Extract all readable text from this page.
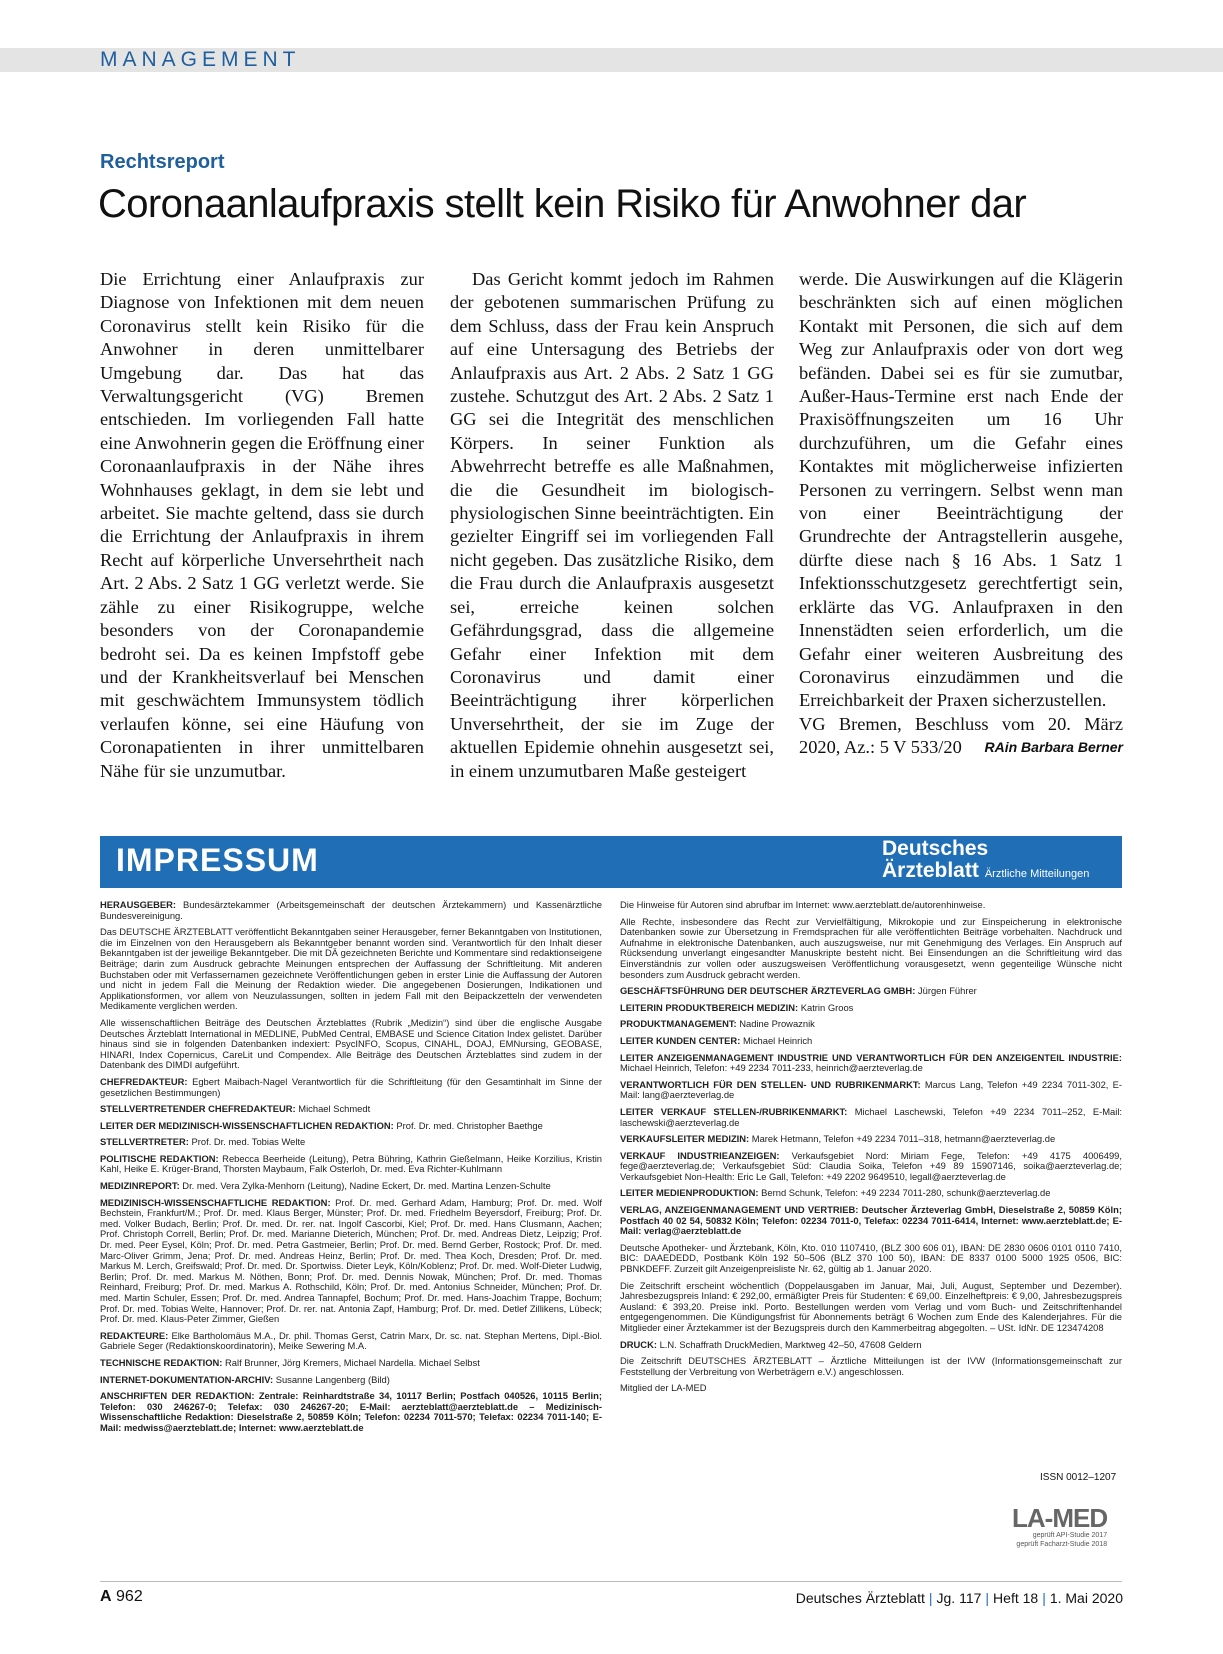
MANAGEMENT
Rechtsreport
Coronaanlaufpraxis stellt kein Risiko für Anwohner dar

Die Errichtung einer Anlaufpraxis zur Diagnose von Infektionen mit dem neuen Coronavirus stellt kein Risiko für die Anwohner in deren unmittelbarer Umgebung dar. Das hat das Verwaltungsgericht (VG) Bremen entschieden. Im vorliegenden Fall hatte eine Anwohnerin gegen die Eröffnung einer Coronaanlaufpraxis in der Nähe ihres Wohnhauses geklagt, in dem sie lebt und arbeitet. Sie machte geltend, dass sie durch die Errichtung der Anlaufpraxis in ihrem Recht auf körperliche Unversehrtheit nach Art. 2 Abs. 2 Satz 1 GG verletzt werde. Sie zähle zu einer Risikogruppe, welche besonders von der Coronapandemie bedroht sei. Da es keinen Impfstoff gebe und der Krankheitsverlauf bei Menschen mit geschwächtem Immunsystem tödlich verlaufen könne, sei eine Häufung von Coronapatienten in ihrer unmittelbaren Nähe für sie unzumutbar.

Das Gericht kommt jedoch im Rahmen der gebotenen summarischen Prüfung zu dem Schluss, dass der Frau kein Anspruch auf eine Untersagung des Betriebs der Anlaufpraxis aus Art. 2 Abs. 2 Satz 1 GG zustehe. Schutzgut des Art. 2 Abs. 2 Satz 1 GG sei die Integrität des menschlichen Körpers. In seiner Funktion als Abwehrrecht betreffe es alle Maßnahmen, die die Gesundheit im biologisch-physiologischen Sinne beeinträchtigten. Ein gezielter Eingriff sei im vorliegenden Fall nicht gegeben. Das zusätzliche Risiko, dem die Frau durch die Anlaufpraxis ausgesetzt sei, erreiche keinen solchen Gefährdungsgrad, dass die allgemeine Gefahr einer Infektion mit dem Coronavirus und damit einer Beeinträchtigung ihrer körperlichen Unversehrtheit, der sie im Zuge der aktuellen Epidemie ohnehin ausgesetzt sei, in einem unzumutbaren Maße gesteigert

werde. Die Auswirkungen auf die Klägerin beschränkten sich auf einen möglichen Kontakt mit Personen, die sich auf dem Weg zur Anlaufpraxis oder von dort weg befänden. Dabei sei es für sie zumutbar, Außer-Haus-Termine erst nach Ende der Praxisöffnungszeiten um 16 Uhr durchzuführen, um die Gefahr eines Kontaktes mit möglicherweise infizierten Personen zu verringern. Selbst wenn man von einer Beeinträchtigung der Grundrechte der Antragstellerin ausgehe, dürfte diese nach § 16 Abs. 1 Satz 1 Infektionsschutzgesetz gerechtfertigt sein, erklärte das VG. Anlaufpraxen in den Innenstädten seien erforderlich, um die Gefahr einer weiteren Ausbreitung des Coronavirus einzudämmen und die Erreichbarkeit der Praxen sicherzustellen.

VG Bremen, Beschluss vom 20. März 2020, Az.: 5 V 533/20 RAin Barbara Berner

IMPRESSUM	Deutsches
Ärzteblatt Ärztliche Mitteilungen

HERAUSGEBER: Bundesärztekammer (Arbeitsgemeinschaft der deutschen Ärztekammern) und Kassenärztliche Bundesvereinigung.

Das DEUTSCHE ÄRZTEBLATT veröffentlicht Bekanntgaben seiner Herausgeber, ferner Bekanntgaben von Institutionen, die im Einzelnen von den Herausgebern als Bekanntgeber benannt worden sind. Verantwortlich für den Inhalt dieser Bekanntgaben ist der jeweilige Bekanntgeber. Die mit DÄ gezeichneten Berichte und Kommentare sind redaktionseigene Beiträge; darin zum Ausdruck gebrachte Meinungen entsprechen der Auffassung der Schriftleitung. Mit anderen Buchstaben oder mit Verfassernamen gezeichnete Veröffentlichungen geben in erster Linie die Auffassung der Autoren und nicht in jedem Fall die Meinung der Redaktion wieder. Die angegebenen Dosierungen, Indikationen und Applikationsformen, vor allem von Neuzulassungen, sollten in jedem Fall mit den Beipackzetteln der verwendeten Medikamente verglichen werden.

Alle wissenschaftlichen Beiträge des Deutschen Ärzteblattes (Rubrik „Medizin“) sind über die englische Ausgabe Deutsches Ärzteblatt International in MEDLINE, PubMed Central, EMBASE und Science Citation Index gelistet. Darüber hinaus sind sie in folgenden Datenbanken indexiert: PsycINFO, Scopus, CINAHL, DOAJ, EMNursing, GEOBASE, HINARI, Index Copernicus, CareLit und Compendex. Alle Beiträge des Deutschen Ärzteblattes sind zudem in der Datenbank des DIMDI aufgeführt.

CHEFREDAKTEUR: Egbert Maibach-Nagel Verantwortlich für die Schriftleitung (für den Gesamtinhalt im Sinne der gesetzlichen Bestimmungen)

STELLVERTRETENDER CHEFREDAKTEUR: Michael Schmedt

LEITER DER MEDIZINISCH-WISSENSCHAFTLICHEN REDAKTION: Prof. Dr. med. Christopher Baethge

STELLVERTRETER: Prof. Dr. med. Tobias Welte

POLITISCHE REDAKTION: Rebecca Beerheide (Leitung), Petra Bühring, Kathrin Gießelmann, Heike Korzilius, Kristin Kahl, Heike E. Krüger-Brand, Thorsten Maybaum, Falk Osterloh, Dr. med. Eva Richter-Kuhlmann

MEDIZINREPORT: Dr. med. Vera Zylka-Menhorn (Leitung), Nadine Eckert, Dr. med. Martina Lenzen-Schulte

MEDIZINISCH-WISSENSCHAFTLICHE REDAKTION: Prof. Dr. med. Gerhard Adam, Hamburg; Prof. Dr. med. Wolf Bechstein, Frankfurt/M.; Prof. Dr. med. Klaus Berger, Münster; Prof. Dr. med. Friedhelm Beyersdorf, Freiburg; Prof. Dr. med. Volker Budach, Berlin; Prof. Dr. med. Dr. rer. nat. Ingolf Cascorbi, Kiel; Prof. Dr. med. Hans Clusmann, Aachen; Prof. Christoph Correll, Berlin; Prof. Dr. med. Marianne Dieterich, München; Prof. Dr. med. Andreas Dietz, Leipzig; Prof. Dr. med. Peer Eysel, Köln; Prof. Dr. med. Petra Gastmeier, Berlin; Prof. Dr. med. Bernd Gerber, Rostock; Prof. Dr. med. Marc-Oliver Grimm, Jena; Prof. Dr. med. Andreas Heinz, Berlin; Prof. Dr. med. Thea Koch, Dresden; Prof. Dr. med. Markus M. Lerch, Greifswald; Prof. Dr. med. Dr. Sportwiss. Dieter Leyk, Köln/Koblenz; Prof. Dr. med. Wolf-Dieter Ludwig, Berlin; Prof. Dr. med. Markus M. Nöthen, Bonn; Prof. Dr. med. Dennis Nowak, München; Prof. Dr. med. Thomas Reinhard, Freiburg; Prof. Dr. med. Markus A. Rothschild, Köln; Prof. Dr. med. Antonius Schneider, München; Prof. Dr. med. Martin Schuler, Essen; Prof. Dr. med. Andrea Tannapfel, Bochum; Prof. Dr. med. Hans-Joachim Trappe, Bochum; Prof. Dr. med. Tobias Welte, Hannover; Prof. Dr. rer. nat. Antonia Zapf, Hamburg; Prof. Dr. med. Detlef Zillikens, Lübeck; Prof. Dr. med. Klaus-Peter Zimmer, Gießen

REDAKTEURE: Elke Bartholomäus M.A., Dr. phil. Thomas Gerst, Catrin Marx, Dr. sc. nat. Stephan Mertens, Dipl.-Biol. Gabriele Seger (Redaktionskoordinatorin), Meike Sewering M.A.

TECHNISCHE REDAKTION: Ralf Brunner, Jörg Kremers, Michael Nardella. Michael Selbst

INTERNET-DOKUMENTATION-ARCHIV: Susanne Langenberg (Bild)

ANSCHRIFTEN DER REDAKTION: Zentrale: Reinhardtstraße 34, 10117 Berlin; Postfach 040526, 10115 Berlin; Telefon: 030 246267-0; Telefax: 030 246267-20; E-Mail: aerzteblatt@aerzteblatt.de – Medizinisch-Wissenschaftliche Redaktion: Dieselstraße 2, 50859 Köln; Telefon: 02234 7011-570; Telefax: 02234 7011-140; E-Mail: medwiss@aerzteblatt.de; Internet: www.aerzteblatt.de

Die Hinweise für Autoren sind abrufbar im Internet: www.aerzteblatt.de/autorenhinweise.

Alle Rechte, insbesondere das Recht zur Vervielfältigung, Mikrokopie und zur Einspeicherung in elektronische Datenbanken sowie zur Übersetzung in Fremdsprachen für alle veröffentlichten Beiträge vorbehalten. Nachdruck und Aufnahme in elektronische Datenbanken, auch auszugsweise, nur mit Genehmigung des Verlages. Ein Anspruch auf Rücksendung unverlangt eingesandter Manuskripte besteht nicht. Bei Einsendungen an die Schriftleitung wird das Einverständnis zur vollen oder auszugsweisen Veröffentlichung vorausgesetzt, wenn gegenteilige Wünsche nicht besonders zum Ausdruck gebracht werden.

GESCHÄFTSFÜHRUNG DER DEUTSCHER ÄRZTEVERLAG GMBH: Jürgen Führer

LEITERIN PRODUKTBEREICH MEDIZIN: Katrin Groos

PRODUKTMANAGEMENT: Nadine Prowaznik

LEITER KUNDEN CENTER: Michael Heinrich

LEITER ANZEIGENMANAGEMENT INDUSTRIE UND VERANTWORTLICH FÜR DEN ANZEIGENTEIL INDUSTRIE: Michael Heinrich, Telefon: +49 2234 7011-233, heinrich@aerzteverlag.de

VERANTWORTLICH FÜR DEN STELLEN- UND RUBRIKENMARKT: Marcus Lang, Telefon +49 2234 7011-302, E-Mail: lang@aerzteverlag.de

LEITER VERKAUF STELLEN-/RUBRIKENMARKT: Michael Laschewski, Telefon +49 2234 7011–252, E-Mail: laschewski@aerzteverlag.de

VERKAUFSLEITER MEDIZIN: Marek Hetmann, Telefon +49 2234 7011–318, hetmann@aerzteverlag.de

VERKAUF INDUSTRIEANZEIGEN: Verkaufsgebiet Nord: Miriam Fege, Telefon: +49 4175 4006499, fege@aerzteverlag.de; Verkaufsgebiet Süd: Claudia Soika, Telefon +49 89 15907146, soika@aerzteverlag.de; Verkaufsgebiet Non-Health: Eric Le Gall, Telefon: +49 2202 9649510, legall@aerzteverlag.de

LEITER MEDIENPRODUKTION: Bernd Schunk, Telefon: +49 2234 7011-280, schunk@aerzteverlag.de

VERLAG, ANZEIGENMANAGEMENT UND VERTRIEB: Deutscher Ärzteverlag GmbH, Dieselstraße 2, 50859 Köln; Postfach 40 02 54, 50832 Köln; Telefon: 02234 7011-0, Telefax: 02234 7011-6414, Internet: www.aerzteblatt.de; E-Mail: verlag@aerzteblatt.de

Deutsche Apotheker- und Ärztebank, Köln, Kto. 010 1107410, (BLZ 300 606 01), IBAN: DE 2830 0606 0101 0110 7410, BIC: DAAEDEDD, Postbank Köln 192 50–506 (BLZ 370 100 50), IBAN: DE 8337 0100 5000 1925 0506, BIC: PBNKDEFF. Zurzeit gilt Anzeigenpreisliste Nr. 62, gültig ab 1. Januar 2020.

Die Zeitschrift erscheint wöchentlich (Doppelausgaben im Januar, Mai, Juli, August, September und Dezember). Jahresbezugspreis Inland: € 292,00, ermäßigter Preis für Studenten: € 69,00. Einzelheftpreis: € 9,00, Jahresbezugspreis Ausland: € 393,20. Preise inkl. Porto. Bestellungen werden vom Verlag und vom Buch- und Zeitschriftenhandel entgegengenommen. Die Kündigungsfrist für Abonnements beträgt 6 Wochen zum Ende des Kalenderjahres. Für die Mitglieder einer Ärztekammer ist der Bezugspreis durch den Kammerbeitrag abgegolten. – USt. IdNr. DE 123474208

DRUCK: L.N. Schaffrath DruckMedien, Marktweg 42–50, 47608 Geldern

Die Zeitschrift DEUTSCHES ÄRZTEBLATT – Ärztliche Mitteilungen ist der IVW (Informationsgemeinschaft zur Feststellung der Verbreitung von Werbeträgern e.V.) angeschlossen.

Mitglied der LA-MED

ISSN 0012–1207
LA-MED
geprüft API-Studie 2017
geprüft Facharzt-Studie 2018
A 962	Deutsches Ärzteblatt | Jg. 117 | Heft 18 | 1. Mai 2020
